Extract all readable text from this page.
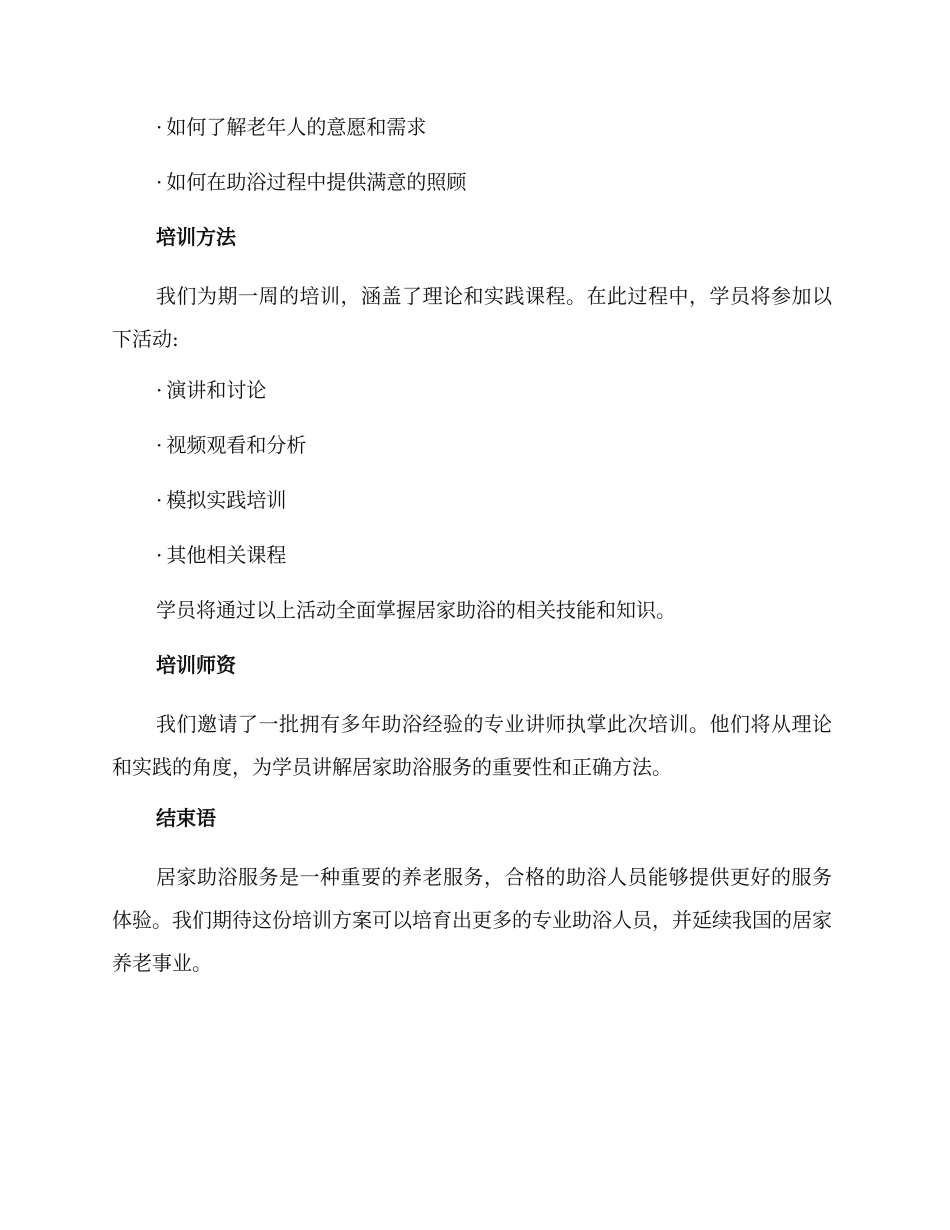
· 如何了解老年人的意愿和需求

· 如何在助浴过程中提供满意的照顾

培训方法

我们为期一周的培训，涵盖了理论和实践课程。在此过程中，学员将参加以下活动:

· 演讲和讨论

· 视频观看和分析

· 模拟实践培训

· 其他相关课程

学员将通过以上活动全面掌握居家助浴的相关技能和知识。

培训师资

我们邀请了一批拥有多年助浴经验的专业讲师执掌此次培训。他们将从理论和实践的角度，为学员讲解居家助浴服务的重要性和正确方法。

结束语

居家助浴服务是一种重要的养老服务，合格的助浴人员能够提供更好的服务体验。我们期待这份培训方案可以培育出更多的专业助浴人员，并延续我国的居家养老事业。
